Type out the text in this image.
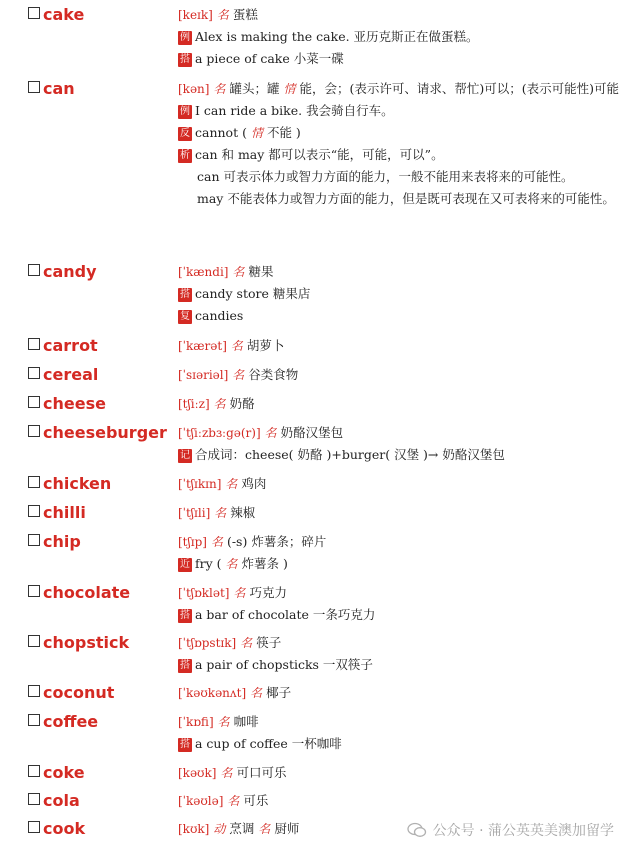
cake	[keɪk] 名 蛋糕
例 Alex is making the cake. 亚历克斯正在做蛋糕。
搭 a piece of cake 小菜一碟
can	[kən] 名 罐头；罐 情 能，会；(表示许可、请求、帮忙)可以；(表示可能性)可能
例 I can ride a bike. 我会骑自行车。
反 cannot ( 情 不能 )
析 can 和 may 都可以表示“能，可能，可以”。
can 可表示体力或智力方面的能力，一般不能用来表将来的可能性。
may 不能表体力或智力方面的能力，但是既可表现在又可表将来的可能性。
candy	[ˈkændi] 名 糖果
搭 candy store 糖果店
复 candies
carrot	[ˈkærət] 名 胡萝卜
cereal	[ˈsɪəriəl] 名 谷类食物
cheese	[tʃiːz] 名 奶酪
cheeseburger [ˈtʃiːzbɜːgə(r)] 名 奶酪汉堡包
记 合成词：cheese( 奶酪 )+burger( 汉堡 )→ 奶酪汉堡包
chicken	[ˈtʃɪkɪn] 名 鸡肉
chilli	[ˈtʃɪli] 名 辣椒
chip	[tʃɪp] 名 (-s) 炸薯条；碎片
近 fry ( 名 炸薯条 )
chocolate	[ˈtʃɒklət] 名 巧克力
搭 a bar of chocolate 一条巧克力
chopstick	[ˈtʃɒpstɪk] 名 筷子
搭 a pair of chopsticks 一双筷子
coconut	[ˈkəʊkənʌt] 名 椰子
coffee	[ˈkɒfi] 名 咖啡
搭 a cup of coffee 一杯咖啡
coke	[kəʊk] 名 可口可乐
cola	[ˈkəʊlə] 名 可乐
cook	[kʊk] 动 烹调 名 厨师	公众号 · 蒲公英英美澳加留学
